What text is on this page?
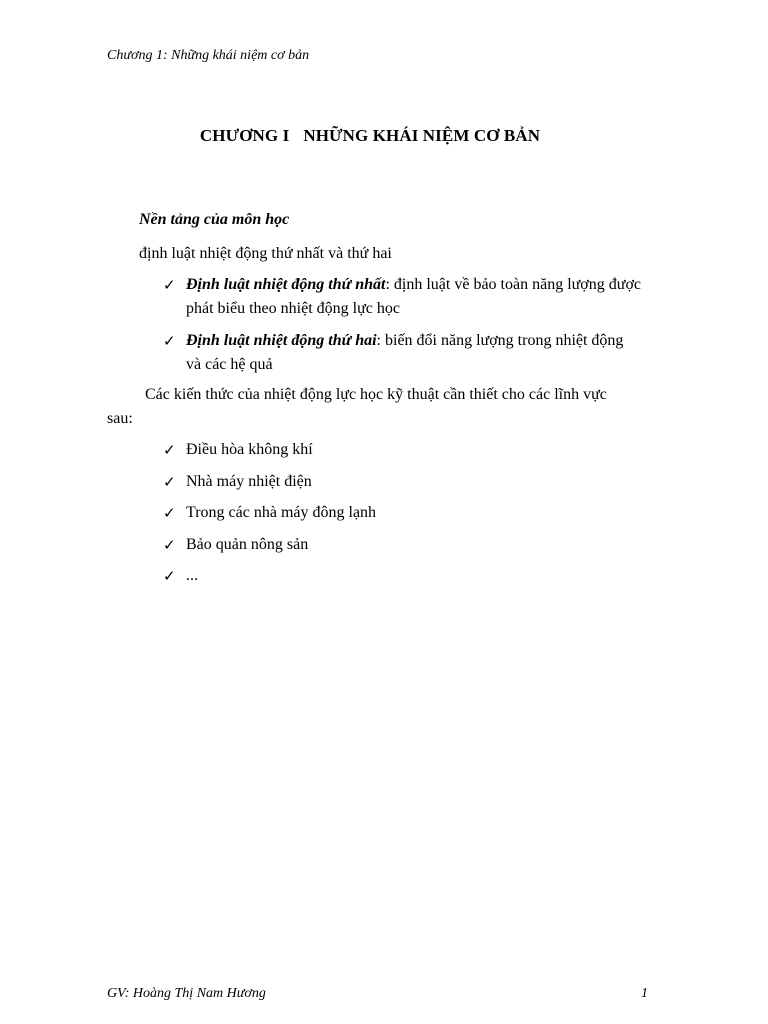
Chương 1: Những khái niệm cơ bản
CHƯƠNG I NHỮNG KHÁI NIỆM CƠ BẢN
Nền tảng của môn học
định luật nhiệt động thứ nhất và thứ hai
✓ Định luật nhiệt động thứ nhất: định luật về bảo toàn năng lượng được
phát biểu theo nhiệt động lực học
✓ Định luật nhiệt động thứ hai: biến đổi năng lượng trong nhiệt động
và các hệ quả
Các kiến thức của nhiệt động lực học kỹ thuật cần thiết cho các lĩnh vực
sau:
✓ Điều hòa không khí
✓ Nhà máy nhiệt điện
✓ Trong các nhà máy đông lạnh
✓ Bảo quản nông sản
✓ ...
GV: Hoàng Thị Nam Hương	1
